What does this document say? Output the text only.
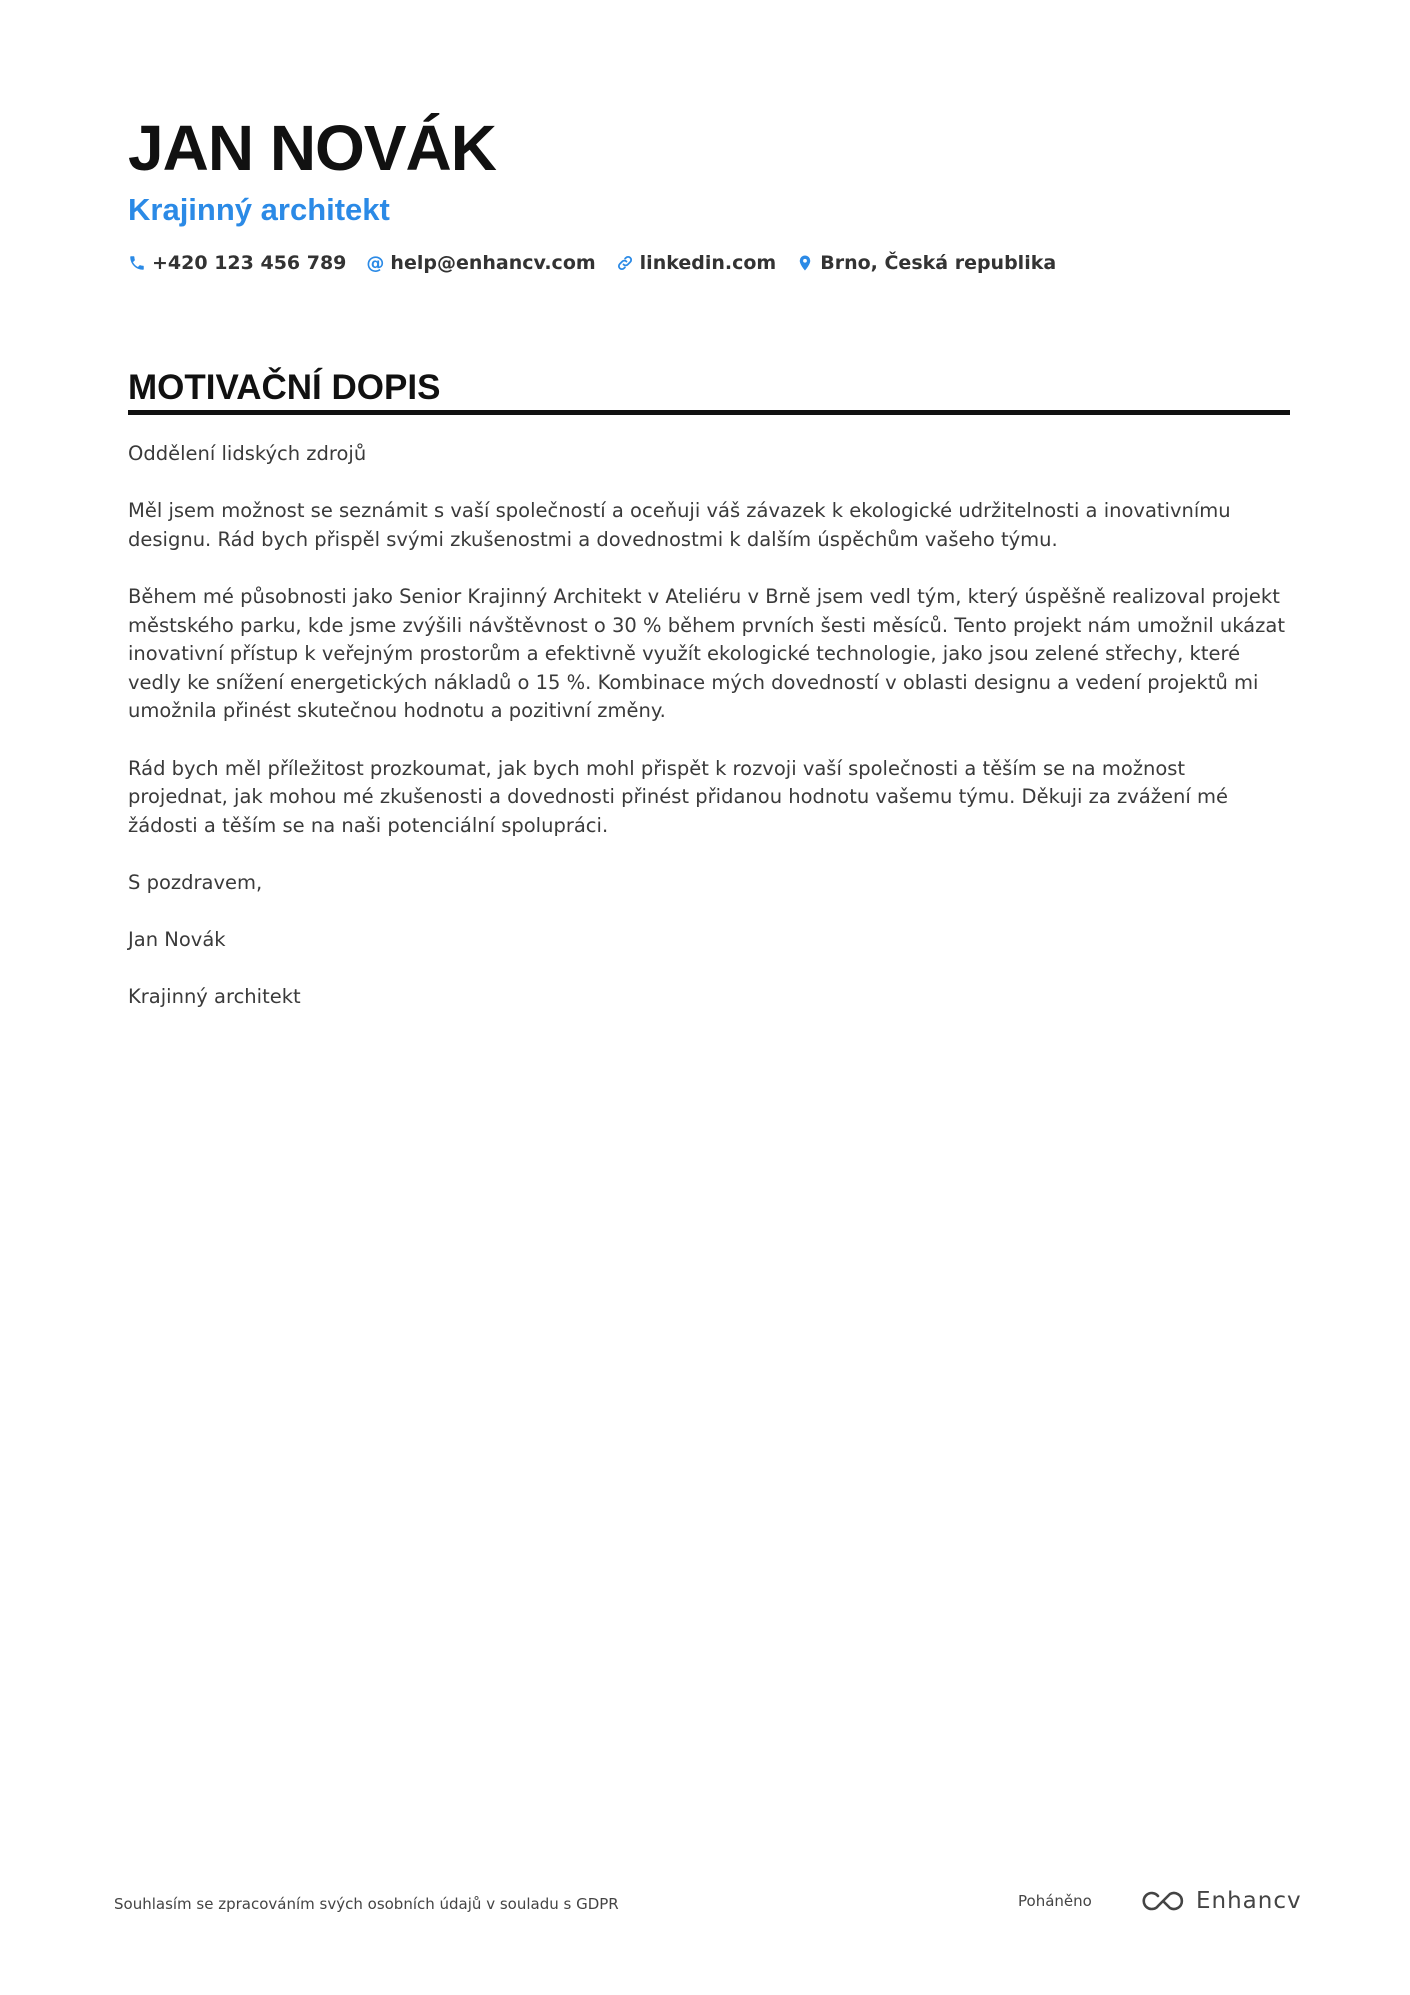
JAN NOVÁK
Krajinný architekt
+420 123 456 789 @ help@enhancv.com linkedin.com Brno, Česká republika
MOTIVAČNÍ DOPIS

Oddělení lidských zdrojů

Měl jsem možnost se seznámit s vaší společností a oceňuji váš závazek k ekologické udržitelnosti a inovativnímu designu. Rád bych přispěl svými zkušenostmi a dovednostmi k dalším úspěchům vašeho týmu.

Během mé působnosti jako Senior Krajinný Architekt v Ateliéru v Brně jsem vedl tým, který úspěšně realizoval projekt městského parku, kde jsme zvýšili návštěvnost o 30 % během prvních šesti měsíců. Tento projekt nám umožnil ukázat inovativní přístup k veřejným prostorům a efektivně využít ekologické technologie, jako jsou zelené střechy, které vedly ke snížení energetických nákladů o 15 %. Kombinace mých dovedností v oblasti designu a vedení projektů mi umožnila přinést skutečnou hodnotu a pozitivní změny.

Rád bych měl příležitost prozkoumat, jak bych mohl přispět k rozvoji vaší společnosti a těším se na možnost projednat, jak mohou mé zkušenosti a dovednosti přinést přidanou hodnotu vašemu týmu. Děkuji za zvážení mé žádosti a těším se na naši potenciální spolupráci.

S pozdravem,

Jan Novák

Krajinný architekt

Souhlasím se zpracováním svých osobních údajů v souladu s GDPR	Poháněno	Enhancv
